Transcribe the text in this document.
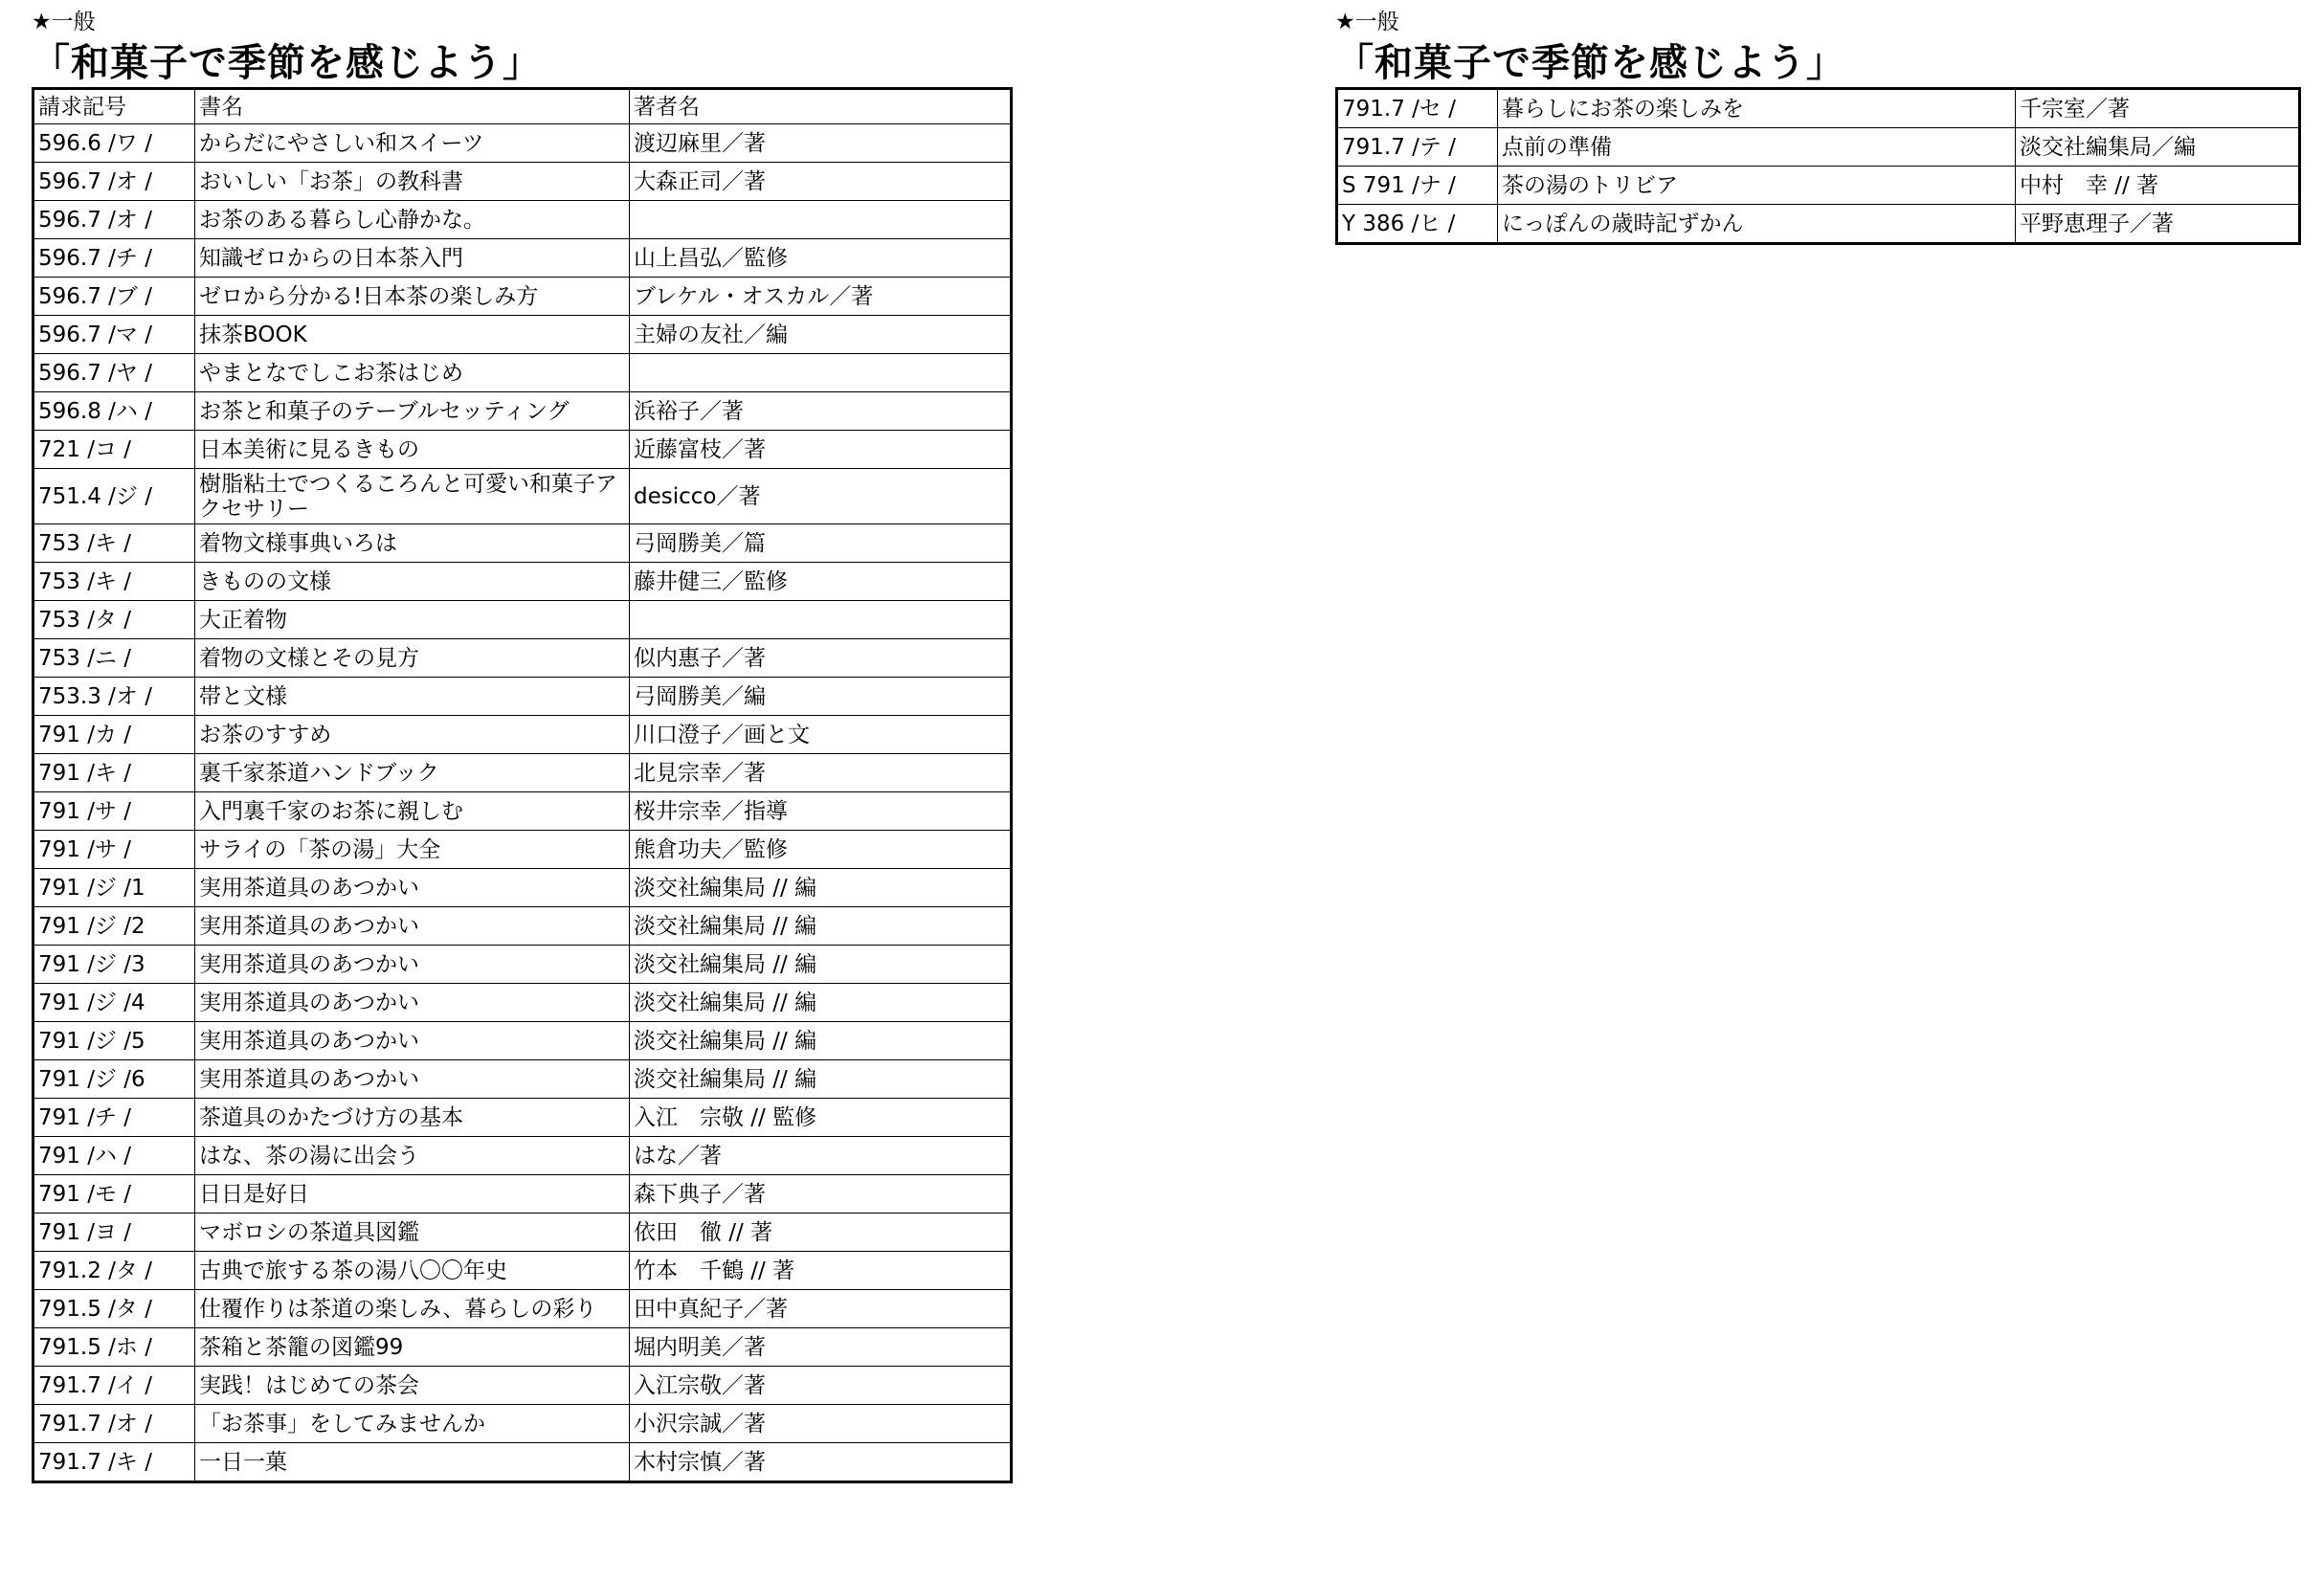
★一般
「和菓子で季節を感じよう」
請求記号	書名	著者名
596.6 /ワ /	からだにやさしい和スイーツ	渡辺麻里／著
596.7 /オ /	おいしい「お茶」の教科書	大森正司／著
596.7 /オ /	お茶のある暮らし心静かな。	
596.7 /チ /	知識ゼロからの日本茶入門	山上昌弘／監修
596.7 /ブ /	ゼロから分かる!日本茶の楽しみ方	ブレケル・オスカル／著
596.7 /マ /	抹茶BOOK	主婦の友社／編
596.7 /ヤ /	やまとなでしこお茶はじめ	
596.8 /ハ /	お茶と和菓子のテーブルセッティング	浜裕子／著
721 /コ /	日本美術に見るきもの	近藤富枝／著
751.4 /ジ /	樹脂粘土でつくるころんと可愛い和菓子アクセサリー	desicco／著
753 /キ /	着物文様事典いろは	弓岡勝美／篇
753 /キ /	きものの文様	藤井健三／監修
753 /タ /	大正着物	
753 /ニ /	着物の文様とその見方	似内惠子／著
753.3 /オ /	帯と文様	弓岡勝美／編
791 /カ /	お茶のすすめ	川口澄子／画と文
791 /キ /	裏千家茶道ハンドブック	北見宗幸／著
791 /サ /	入門裏千家のお茶に親しむ	桜井宗幸／指導
791 /サ /	サライの「茶の湯」大全	熊倉功夫／監修
791 /ジ /1	実用茶道具のあつかい	淡交社編集局 // 編
791 /ジ /2	実用茶道具のあつかい	淡交社編集局 // 編
791 /ジ /3	実用茶道具のあつかい	淡交社編集局 // 編
791 /ジ /4	実用茶道具のあつかい	淡交社編集局 // 編
791 /ジ /5	実用茶道具のあつかい	淡交社編集局 // 編
791 /ジ /6	実用茶道具のあつかい	淡交社編集局 // 編
791 /チ /	茶道具のかたづけ方の基本	入江　宗敬 // 監修
791 /ハ /	はな、茶の湯に出会う	はな／著
791 /モ /	日日是好日	森下典子／著
791 /ヨ /	マボロシの茶道具図鑑	依田　徹 // 著
791.2 /タ /	古典で旅する茶の湯八〇〇年史	竹本　千鶴 // 著
791.5 /タ /	仕覆作りは茶道の楽しみ、暮らしの彩り	田中真紀子／著
791.5 /ホ /	茶箱と茶籠の図鑑99	堀内明美／著
791.7 /イ /	実践！はじめての茶会	入江宗敬／著
791.7 /オ /	「お茶事」をしてみませんか	小沢宗誠／著
791.7 /キ /	一日一菓	木村宗慎／著
★一般
「和菓子で季節を感じよう」
791.7 /セ /	暮らしにお茶の楽しみを	千宗室／著
791.7 /テ /	点前の準備	淡交社編集局／編
S 791 /ナ /	茶の湯のトリビア	中村　幸 // 著
Y 386 /ヒ /	にっぽんの歳時記ずかん	平野恵理子／著
